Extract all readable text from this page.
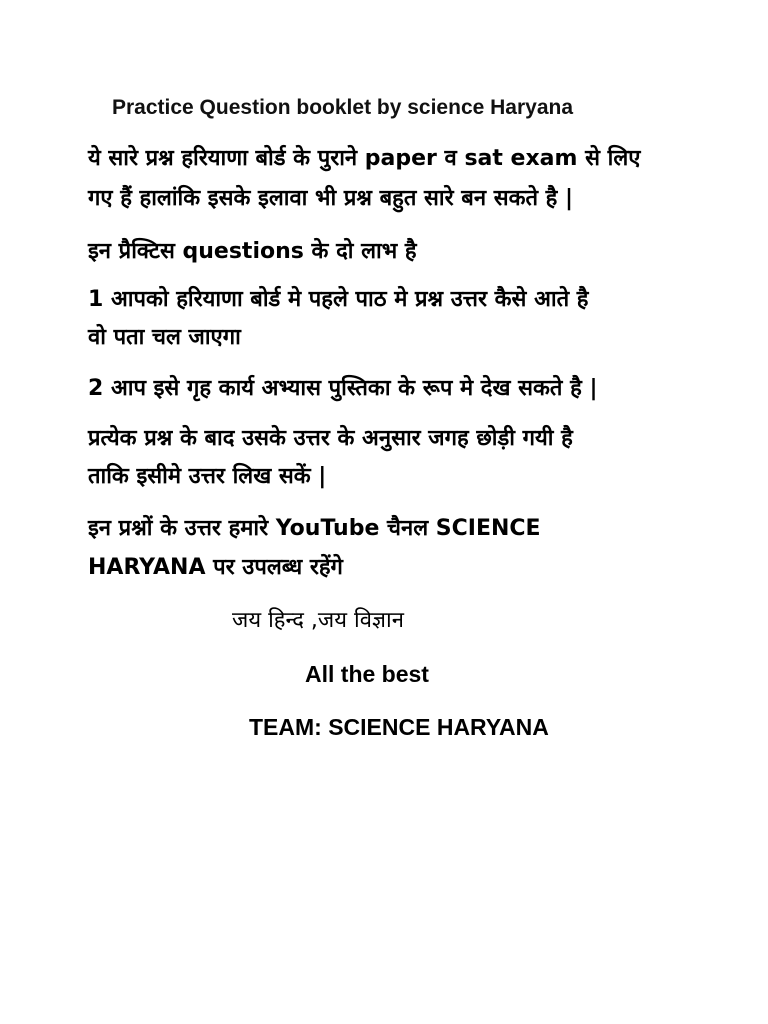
Practice Question booklet by science Haryana
ये सारे प्रश्न हरियाणा बोर्ड के पुराने paper व sat exam से लिए
गए हैं हालांकि इसके इलावा भी प्रश्न बहुत सारे बन सकते है |
इन प्रैक्टिस questions के दो लाभ है
1 आपको हरियाणा बोर्ड मे पहले पाठ मे प्रश्न उत्तर कैसे आते है
वो पता चल जाएगा
2 आप इसे गृह कार्य अभ्यास पुस्तिका के रूप मे देख सकते है |
प्रत्येक प्रश्न के बाद उसके उत्तर के अनुसार जगह छोड़ी गयी है
ताकि इसीमे उत्तर लिख सकें |
इन प्रश्नों के उत्तर हमारे YouTube चैनल SCIENCE
HARYANA पर उपलब्ध रहेंगे
जय हिन्द ,जय विज्ञान
All the best
TEAM: SCIENCE HARYANA
